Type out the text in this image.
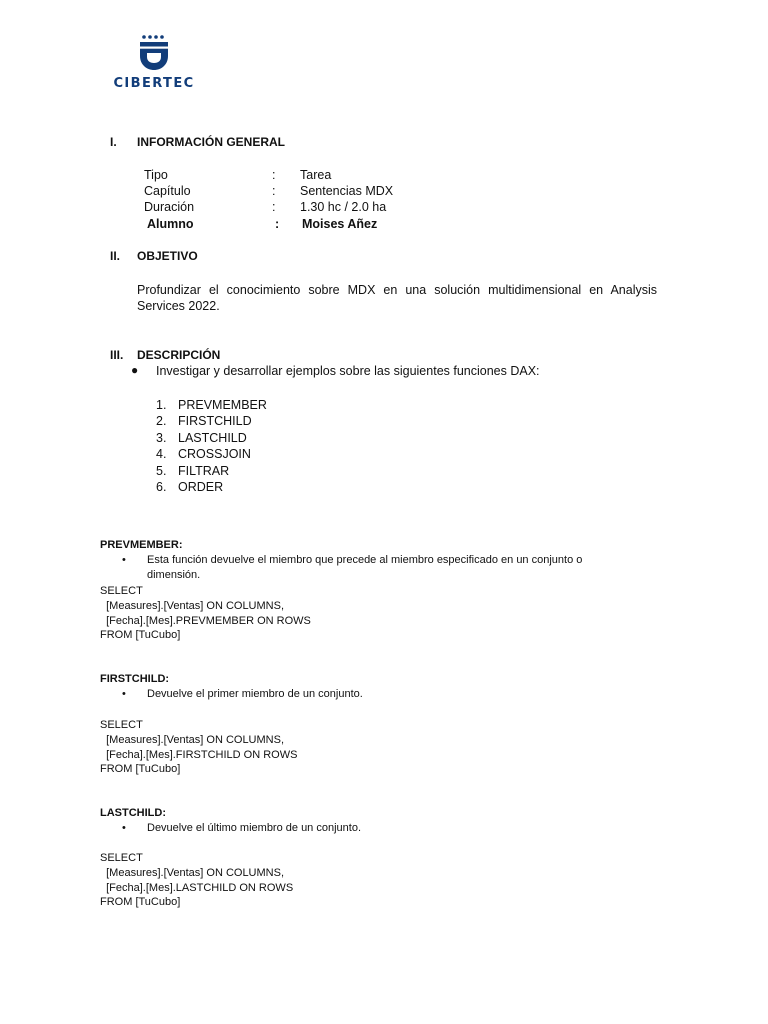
CIBERTEC
I. INFORMACIÓN GENERAL
Tipo	: Tarea
Capítulo	: Sentencias MDX
Duración	: 1.30 hc / 2.0 ha
Alumno	: Moises Añez
II. OBJETIVO
Profundizar el conocimiento sobre MDX en una solución multidimensional en Analysis Services 2022.
III. DESCRIPCIÓN
● Investigar y desarrollar ejemplos sobre las siguientes funciones DAX:
1. PREVMEMBER
2. FIRSTCHILD
3. LASTCHILD
4. CROSSJOIN
5. FILTRAR
6. ORDER
PREVMEMBER:
• Esta función devuelve el miembro que precede al miembro especificado en un conjunto o
dimensión.
SELECT
[Measures].[Ventas] ON COLUMNS,
[Fecha].[Mes].PREVMEMBER ON ROWS
FROM [TuCubo]
FIRSTCHILD:
• Devuelve el primer miembro de un conjunto.
SELECT
[Measures].[Ventas] ON COLUMNS,
[Fecha].[Mes].FIRSTCHILD ON ROWS
FROM [TuCubo]
LASTCHILD:
• Devuelve el último miembro de un conjunto.
SELECT
[Measures].[Ventas] ON COLUMNS,
[Fecha].[Mes].LASTCHILD ON ROWS
FROM [TuCubo]
